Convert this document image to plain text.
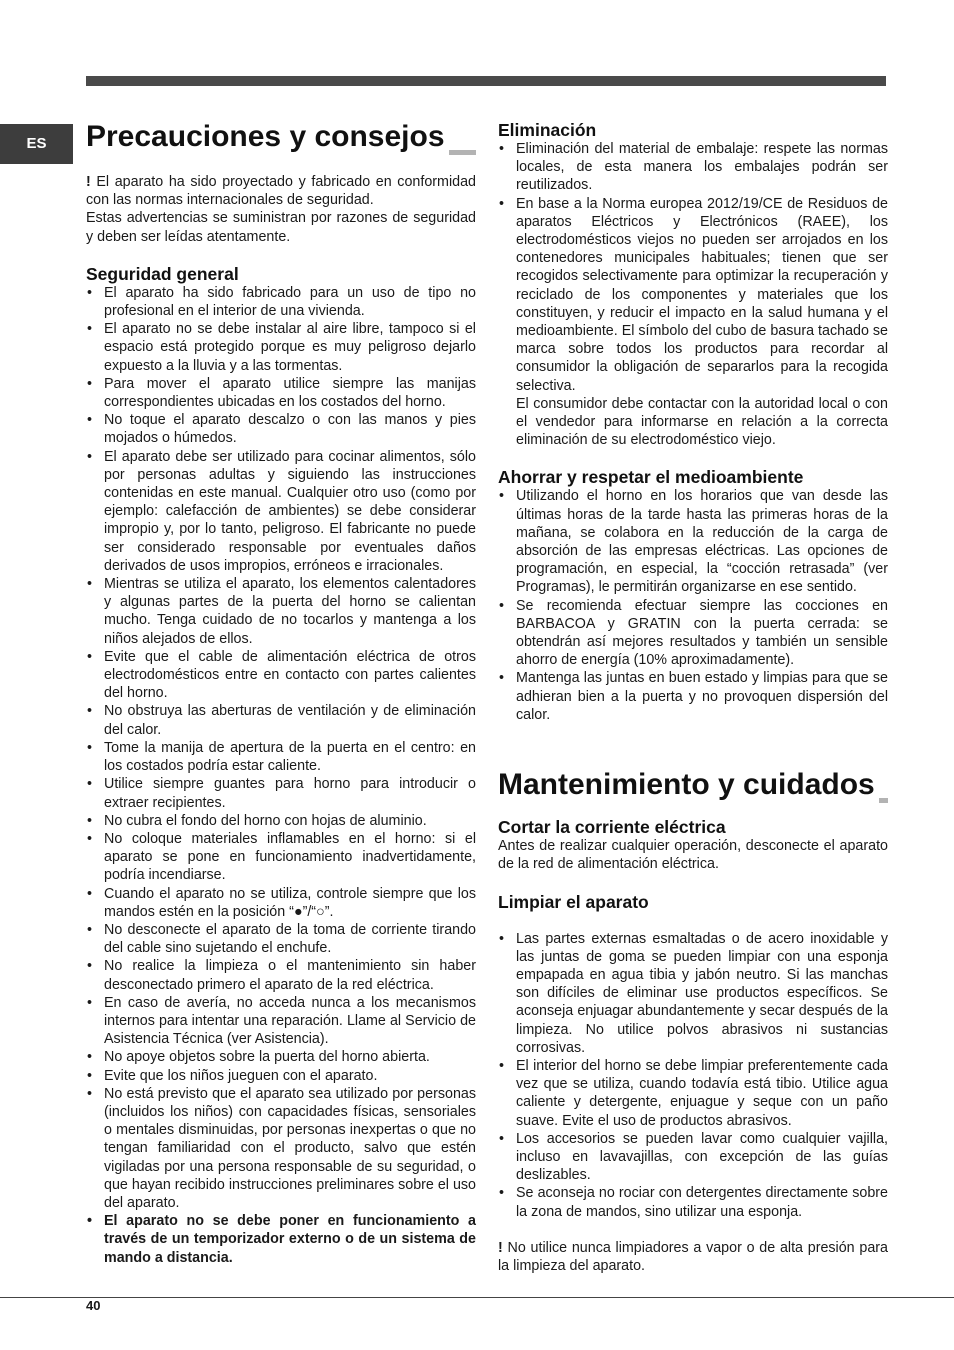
ES	Precauciones y consejos

! El aparato ha sido proyectado y fabricado en conformidad con las normas internacionales de seguridad.

Estas advertencias se suministran por razones de seguridad y deben ser leídas atentamente.

Seguridad general
• El aparato ha sido fabricado para un uso de tipo no profesional en el interior de una vivienda.
• El aparato no se debe instalar al aire libre, tampoco si el espacio está protegido porque es muy peligroso dejarlo expuesto a la lluvia y a las tormentas.
• Para mover el aparato utilice siempre las manijas correspondientes ubicadas en los costados del horno.
• No toque el aparato descalzo o con las manos y pies mojados o húmedos.
• El aparato debe ser utilizado para cocinar alimentos, sólo por personas adultas y siguiendo las instrucciones contenidas en este manual. Cualquier otro uso (como por ejemplo: calefacción de ambientes) se debe considerar impropio y, por lo tanto, peligroso. El fabricante no puede ser considerado responsable por eventuales daños derivados de usos impropios, erróneos e irracionales.
• Mientras se utiliza el aparato, los elementos calentadores y algunas partes de la puerta del horno se calientan mucho. Tenga cuidado de no tocarlos y mantenga a los niños alejados de ellos.
• Evite que el cable de alimentación eléctrica de otros electrodomésticos entre en contacto con partes calientes del horno.
• No obstruya las aberturas de ventilación y de eliminación del calor.
• Tome la manija de apertura de la puerta en el centro: en los costados podría estar caliente.
• Utilice siempre guantes para horno para introducir o extraer recipientes.
• No cubra el fondo del horno con hojas de aluminio.
• No coloque materiales inflamables en el horno: si el aparato se pone en funcionamiento inadvertidamente, podría incendiarse.
• Cuando el aparato no se utiliza, controle siempre que los mandos estén en la posición “●”/“○”.
• No desconecte el aparato de la toma de corriente tirando del cable sino sujetando el enchufe.
• No realice la limpieza o el mantenimiento sin haber desconectado primero el aparato de la red eléctrica.
• En caso de avería, no acceda nunca a los mecanismos internos para intentar una reparación. Llame al Servicio de Asistencia Técnica (ver Asistencia).
• No apoye objetos sobre la puerta del horno abierta.
• Evite que los niños jueguen con el aparato.
• No está previsto que el aparato sea utilizado por personas (incluidos los niños) con capacidades físicas, sensoriales o mentales disminuidas, por personas inexpertas o que no tengan familiaridad con el producto, salvo que estén vigiladas por una persona responsable de su seguridad, o que hayan recibido instrucciones preliminares sobre el uso del aparato.
• El aparato no se debe poner en funcionamiento a través de un temporizador externo o de un sistema de mando a distancia.
Eliminación
• Eliminación del material de embalaje: respete las normas locales, de esta manera los embalajes podrán ser reutilizados.
• En base a la Norma europea 2012/19/CE de Residuos de aparatos Eléctricos y Electrónicos (RAEE), los electrodomésticos viejos no pueden ser arrojados en los contenedores municipales habituales; tienen que ser recogidos selectivamente para optimizar la recuperación y reciclado de los componentes y materiales que los constituyen, y reducir el impacto en la salud humana y el medioambiente. El símbolo del cubo de basura tachado se marca sobre todos los productos para recordar al consumidor la obligación de separarlos para la recogida selectiva.
El consumidor debe contactar con la autoridad local o con el vendedor para informarse en relación a la correcta eliminación de su electrodoméstico viejo.
Ahorrar y respetar el medioambiente
• Utilizando el horno en los horarios que van desde las últimas horas de la tarde hasta las primeras horas de la mañana, se colabora en la reducción de la carga de absorción de las empresas eléctricas. Las opciones de programación, en especial, la “cocción retrasada” (ver Programas), le permitirán organizarse en ese sentido.
• Se recomienda efectuar siempre las cocciones en BARBACOA y GRATIN con la puerta cerrada: se obtendrán así mejores resultados y también un sensible ahorro de energía (10% aproximadamente).
• Mantenga las juntas en buen estado y limpias para que se adhieran bien a la puerta y no provoquen dispersión del calor.
Mantenimiento y cuidados
Cortar la corriente eléctrica

Antes de realizar cualquier operación, desconecte el aparato de la red de alimentación eléctrica.

Limpiar el aparato
• Las partes externas esmaltadas o de acero inoxidable y las juntas de goma se pueden limpiar con una esponja empapada en agua tibia y jabón neutro. Si las manchas son difíciles de eliminar use productos específicos. Se aconseja enjuagar abundantemente y secar después de la limpieza. No utilice polvos abrasivos ni sustancias corrosivas.
• El interior del horno se debe limpiar preferentemente cada vez que se utiliza, cuando todavía está tibio. Utilice agua caliente y detergente, enjuague y seque con un paño suave. Evite el uso de productos abrasivos.
• Los accesorios se pueden lavar como cualquier vajilla, incluso en lavavajillas, con excepción de las guías deslizables.
• Se aconseja no rociar con detergentes directamente sobre la zona de mandos, sino utilizar una esponja.

! No utilice nunca limpiadores a vapor o de alta presión para la limpieza del aparato.

40
